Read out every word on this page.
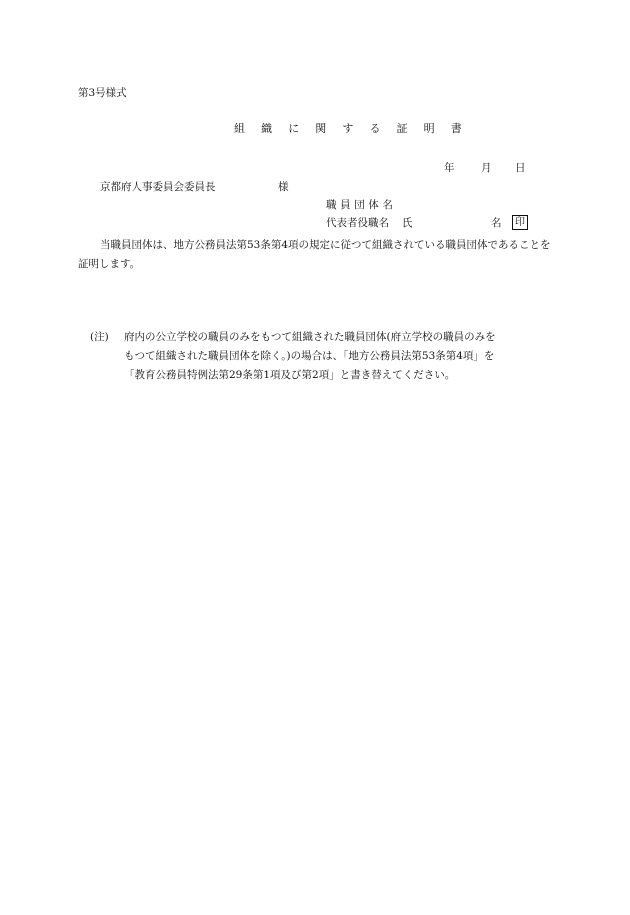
第3号様式
組 織 に 関 す る 証 明 書
年	月 日
京都府人事委員会委員長	様
職員団体名
代表者役職名 氏	名	印
当職員団体は、地方公務員法第53条第4項の規定に従つて組織されている職員団体であることを証明します。
(注) 府内の公立学校の職員のみをもつて組織された職員団体(府立学校の職員のみを
もつて組織された職員団体を除く。)の場合は、「地方公務員法第53条第4項」を
「教育公務員特例法第29条第1項及び第2項」と書き替えてください。
